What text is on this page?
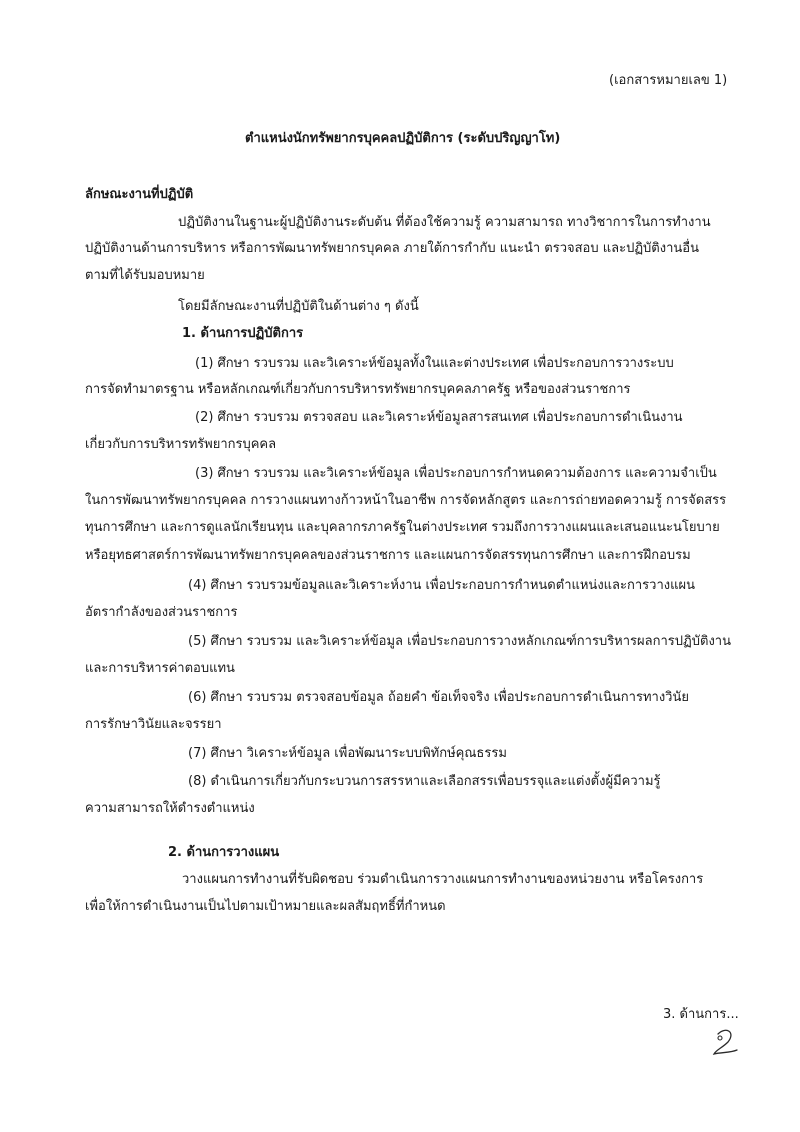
(เอกสารหมายเลข 1)
ตำแหน่งนักทรัพยากรบุคคลปฏิบัติการ (ระดับปริญญาโท)
ลักษณะงานที่ปฏิบัติ
ปฏิบัติงานในฐานะผู้ปฏิบัติงานระดับต้น ที่ต้องใช้ความรู้ ความสามารถ ทางวิชาการในการทำงาน
ปฏิบัติงานด้านการบริหาร หรือการพัฒนาทรัพยากรบุคคล ภายใต้การกำกับ แนะนำ ตรวจสอบ และปฏิบัติงานอื่น
ตามที่ได้รับมอบหมาย
โดยมีลักษณะงานที่ปฏิบัติในด้านต่าง ๆ ดังนี้
1. ด้านการปฏิบัติการ
(1) ศึกษา รวบรวม และวิเคราะห์ข้อมูลทั้งในและต่างประเทศ เพื่อประกอบการวางระบบ
การจัดทำมาตรฐาน หรือหลักเกณฑ์เกี่ยวกับการบริหารทรัพยากรบุคคลภาครัฐ หรือของส่วนราชการ
(2) ศึกษา รวบรวม ตรวจสอบ และวิเคราะห์ข้อมูลสารสนเทศ เพื่อประกอบการดำเนินงาน
เกี่ยวกับการบริหารทรัพยากรบุคคล
(3) ศึกษา รวบรวม และวิเคราะห์ข้อมูล เพื่อประกอบการกำหนดความต้องการ และความจำเป็น
ในการพัฒนาทรัพยากรบุคคล การวางแผนทางก้าวหน้าในอาชีพ การจัดหลักสูตร และการถ่ายทอดความรู้ การจัดสรร
ทุนการศึกษา และการดูแลนักเรียนทุน และบุคลากรภาครัฐในต่างประเทศ รวมถึงการวางแผนและเสนอแนะนโยบาย
หรือยุทธศาสตร์การพัฒนาทรัพยากรบุคคลของส่วนราชการ และแผนการจัดสรรทุนการศึกษา และการฝึกอบรม
(4) ศึกษา รวบรวมข้อมูลและวิเคราะห์งาน เพื่อประกอบการกำหนดตำแหน่งและการวางแผน
อัตรากำลังของส่วนราชการ
(5) ศึกษา รวบรวม และวิเคราะห์ข้อมูล เพื่อประกอบการวางหลักเกณฑ์การบริหารผลการปฏิบัติงาน
และการบริหารค่าตอบแทน
(6) ศึกษา รวบรวม ตรวจสอบข้อมูล ถ้อยคำ ข้อเท็จจริง เพื่อประกอบการดำเนินการทางวินัย
การรักษาวินัยและจรรยา
(7) ศึกษา วิเคราะห์ข้อมูล เพื่อพัฒนาระบบพิทักษ์คุณธรรม
(8) ดำเนินการเกี่ยวกับกระบวนการสรรหาและเลือกสรรเพื่อบรรจุและแต่งตั้งผู้มีความรู้
ความสามารถให้ดำรงตำแหน่ง
2. ด้านการวางแผน
วางแผนการทำงานที่รับผิดชอบ ร่วมดำเนินการวางแผนการทำงานของหน่วยงาน หรือโครงการ
เพื่อให้การดำเนินงานเป็นไปตามเป้าหมายและผลสัมฤทธิ์ที่กำหนด
3. ด้านการ...
